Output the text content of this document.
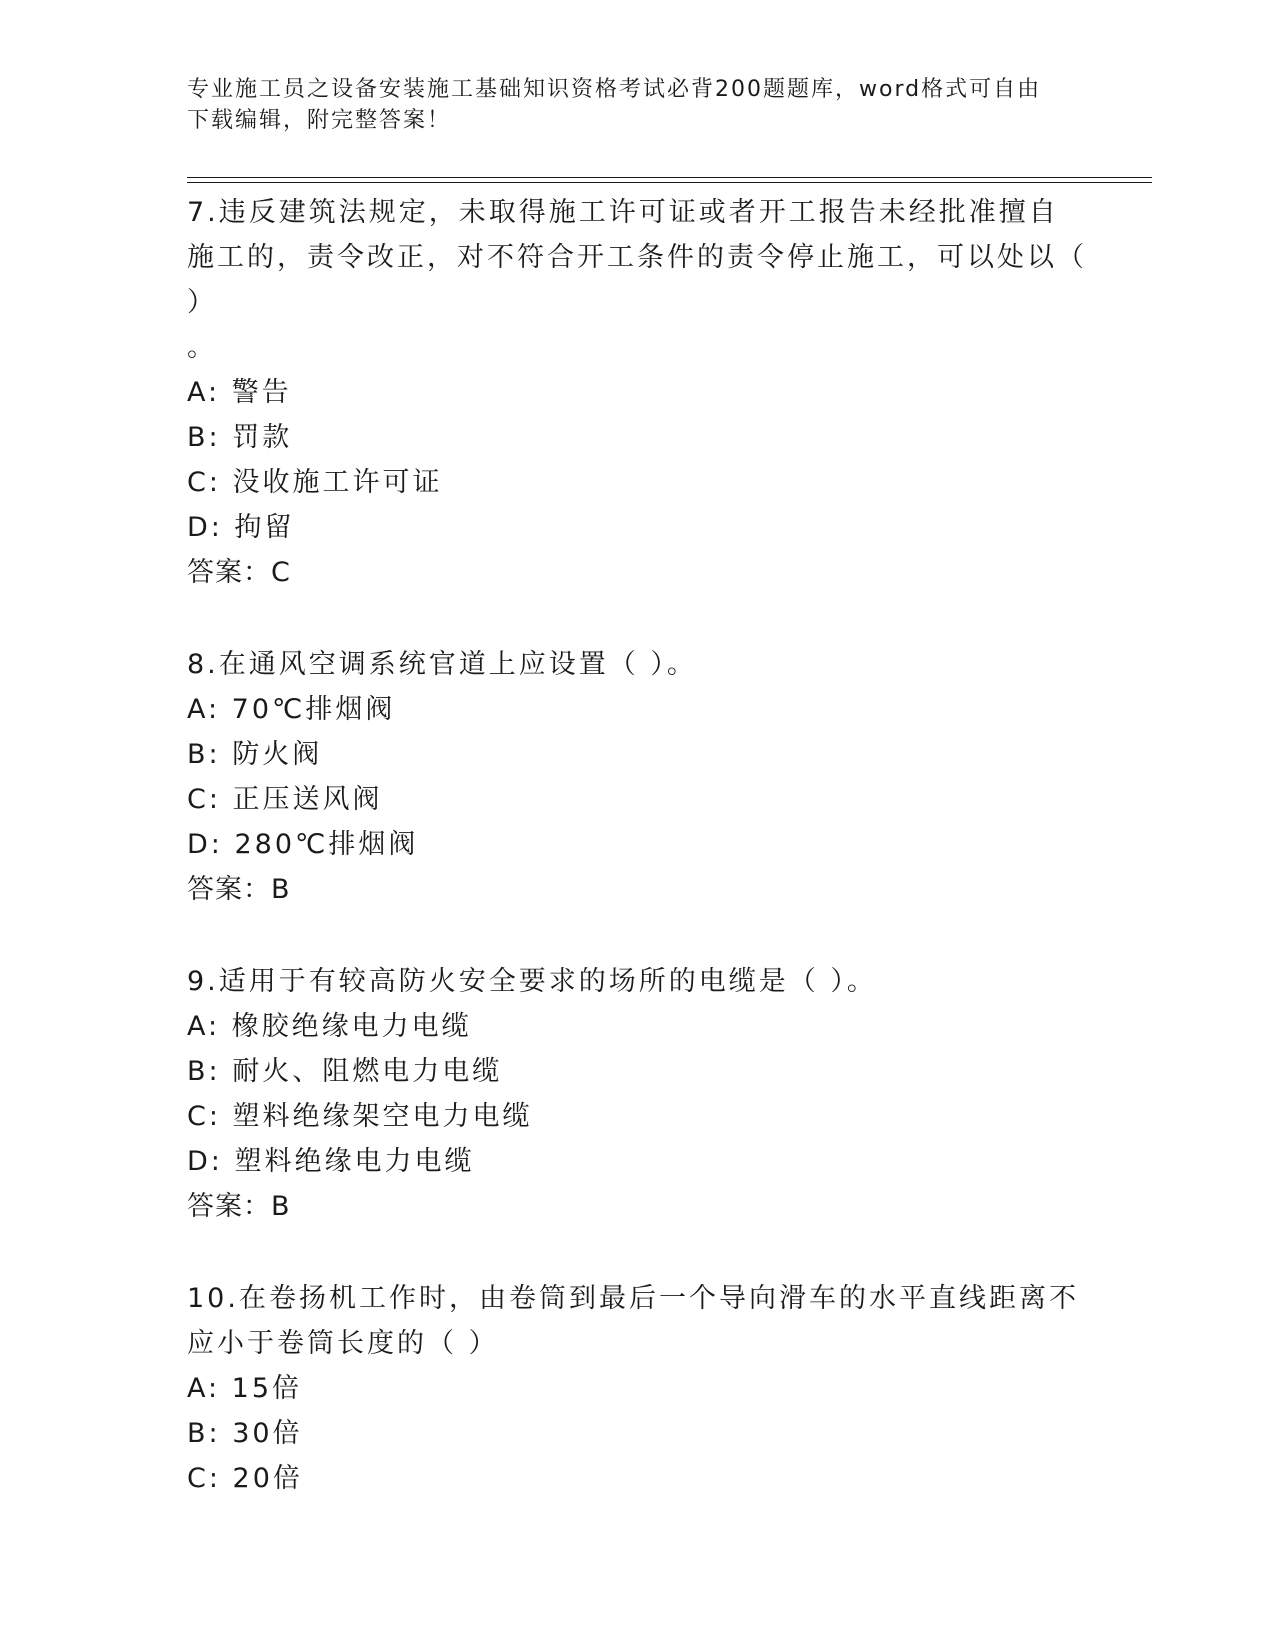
专业施工员之设备安装施工基础知识资格考试必背200题题库，word格式可自由
下载编辑，附完整答案！

7.违反建筑法规定，未取得施工许可证或者开工报告未经批准擅自施工的，责令改正，对不符合开工条件的责令停止施工，可以处以（ ）

。

A: 警告
B: 罚款
C: 没收施工许可证
D: 拘留

答案：C

8.在通风空调系统官道上应设置（ ）。

A: 70℃排烟阀
B: 防火阀
C: 正压送风阀
D: 280℃排烟阀

答案：B

9.适用于有较高防火安全要求的场所的电缆是（ ）。

A: 橡胶绝缘电力电缆
B: 耐火、阻燃电力电缆
C: 塑料绝缘架空电力电缆
D: 塑料绝缘电力电缆

答案：B

10.在卷扬机工作时，由卷筒到最后一个导向滑车的水平直线距离不应小于卷筒长度的（ ）

A: 15倍
B: 30倍
C: 20倍
